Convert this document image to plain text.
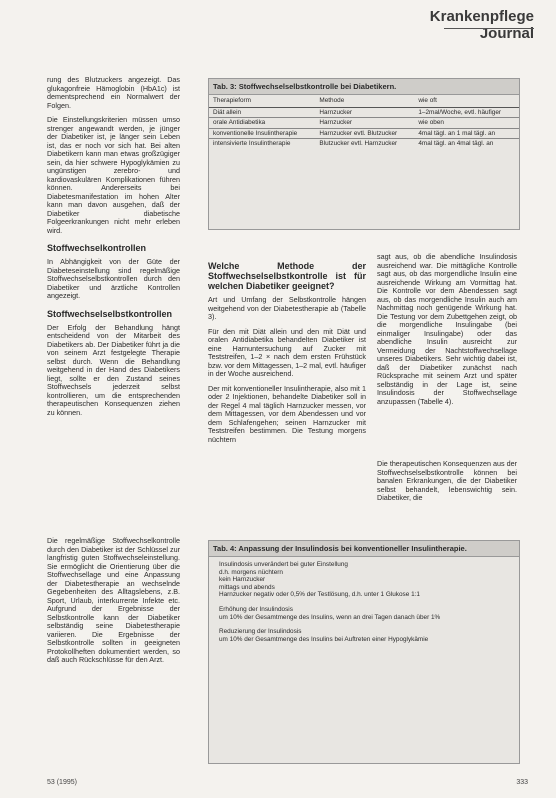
Krankenpflege
Journal

rung des Blutzuckers angezeigt. Das glukagonfreie Hämoglobin (HbA1c) ist dementsprechend ein Normalwert der Folgen.

Die Einstellungskriterien müssen umso strenger angewandt werden, je jünger der Diabetiker ist, je länger sein Leben ist, das er noch vor sich hat. Bei alten Diabetikern kann man etwas großzügiger sein, da hier schwere Hypoglykämien zu ungünstigen zerebro- und kardiovaskulären Komplikationen führen können. Andererseits bei Diabetesmanifestation im hohen Alter kann man davon ausgehen, daß der Diabetiker diabetische Folgeerkrankungen nicht mehr erleben wird.

Stoffwechselkontrollen

In Abhängigkeit von der Güte der Diabeteseinstellung sind regelmäßige Stoffwechselselbstkontrollen durch den Diabetiker und ärztliche Kontrollen angezeigt.

Stoffwechselselbstkontrollen

Der Erfolg der Behandlung hängt entscheidend von der Mitarbeit des Diabetikers ab. Der Diabetiker führt ja die von seinem Arzt festgelegte Therapie selbst durch. Wenn die Behandlung weitgehend in der Hand des Diabetikers liegt, sollte er den Zustand seines Stoffwechsels jederzeit selbst kontrollieren, um die entsprechenden therapeutischen Konsequenzen ziehen zu können.

Die regelmäßige Stoffwechselkontrolle durch den Diabetiker ist der Schlüssel zur langfristig guten Stoffwechseleinstellung. Sie ermöglicht die Orientierung über die Stoffwechsellage und eine Anpassung der Diabetestherapie an wechselnde Gegebenheiten des Alltagslebens, z.B. Sport, Urlaub, interkurrente Infekte etc. Aufgrund der Ergebnisse der Selbstkontrolle kann der Diabetiker selbständig seine Diabetestherapie variieren. Die Ergebnisse der Selbstkontrolle sollten in geeigneten Protokollheften dokumentiert werden, so daß auch Rückschlüsse für den Arzt.

Tab. 3: Stoffwechselselbstkontrolle bei Diabetikern.
Therapieform	Methode	wie oft
Diät allein	Harnzucker	1–2mal/Woche, evtl. häufiger
orale Antidiabetika	Harnzucker	wie oben
konventionelle Insulintherapie	Harnzucker evtl. Blutzucker	4mal tägl. an 1 mal tägl. an
intensivierte Insulintherapie	Blutzucker evtl. Harnzucker	4mal tägl. an 4mal tägl. an
Welche Methode der Stoffwechselselbstkontrolle ist für welchen Diabetiker geeignet?

Art und Umfang der Selbstkontrolle hängen weitgehend von der Diabetestherapie ab (Tabelle 3).

Für den mit Diät allein und den mit Diät und oralen Antidiabetika behandelten Diabetiker ist eine Harnuntersuchung auf Zucker mit Teststreifen, 1–2 × nach dem ersten Frühstück bzw. vor dem Mittagessen, 1–2 mal, evtl. häufiger in der Woche ausreichend.

Der mit konventioneller Insulintherapie, also mit 1 oder 2 Injektionen, behandelte Diabetiker soll in der Regel 4 mal täglich Harnzucker messen, vor dem Mittagessen, vor dem Abendessen und vor dem Schlafengehen; seinen Harnzucker mit Teststreifen bestimmen. Die Testung morgens nüchtern

sagt aus, ob die abendliche Insulindosis ausreichend war. Die mittägliche Kontrolle sagt aus, ob das morgendliche Insulin eine ausreichende Wirkung am Vormittag hat. Die Kontrolle vor dem Abendessen sagt aus, ob das morgendliche Insulin auch am Nachmittag noch genügende Wirkung hat. Die Testung vor dem Zubettgehen zeigt, ob die morgendliche Insulingabe (bei einmaliger Insulingabe) oder das abendliche Insulin ausreicht zur Vermeidung der Nachtstoffwechsellage unseres Diabetikers. Sehr wichtig dabei ist, daß der Diabetiker zunächst nach Rücksprache mit seinem Arzt und später selbständig in der Lage ist, seine Insulindosis der Stoffwechsellage anzupassen (Tabelle 4).

Die therapeutischen Konsequenzen aus der Stoffwechselselbstkontrolle können bei banalen Erkrankungen, die der Diabetiker selbst behandelt, lebenswichtig sein. Diabetiker, die

Tab. 4: Anpassung der Insulindosis bei konventioneller Insulintherapie.
Insulindosis unverändert bei guter Einstellung
d.h. morgens nüchtern
kein Harnzucker
mittags und abends
Harnzucker negativ oder 0,5% der Testlösung, d.h. unter 1 Glukose 1:1
Erhöhung der Insulindosis
um 10% der Gesamtmenge des Insulins, wenn an drei Tagen danach über 1%
Reduzierung der Insulindosis
um 10% der Gesamtmenge des Insulins bei Auftreten einer Hypoglykämie
53 (1995)	333
